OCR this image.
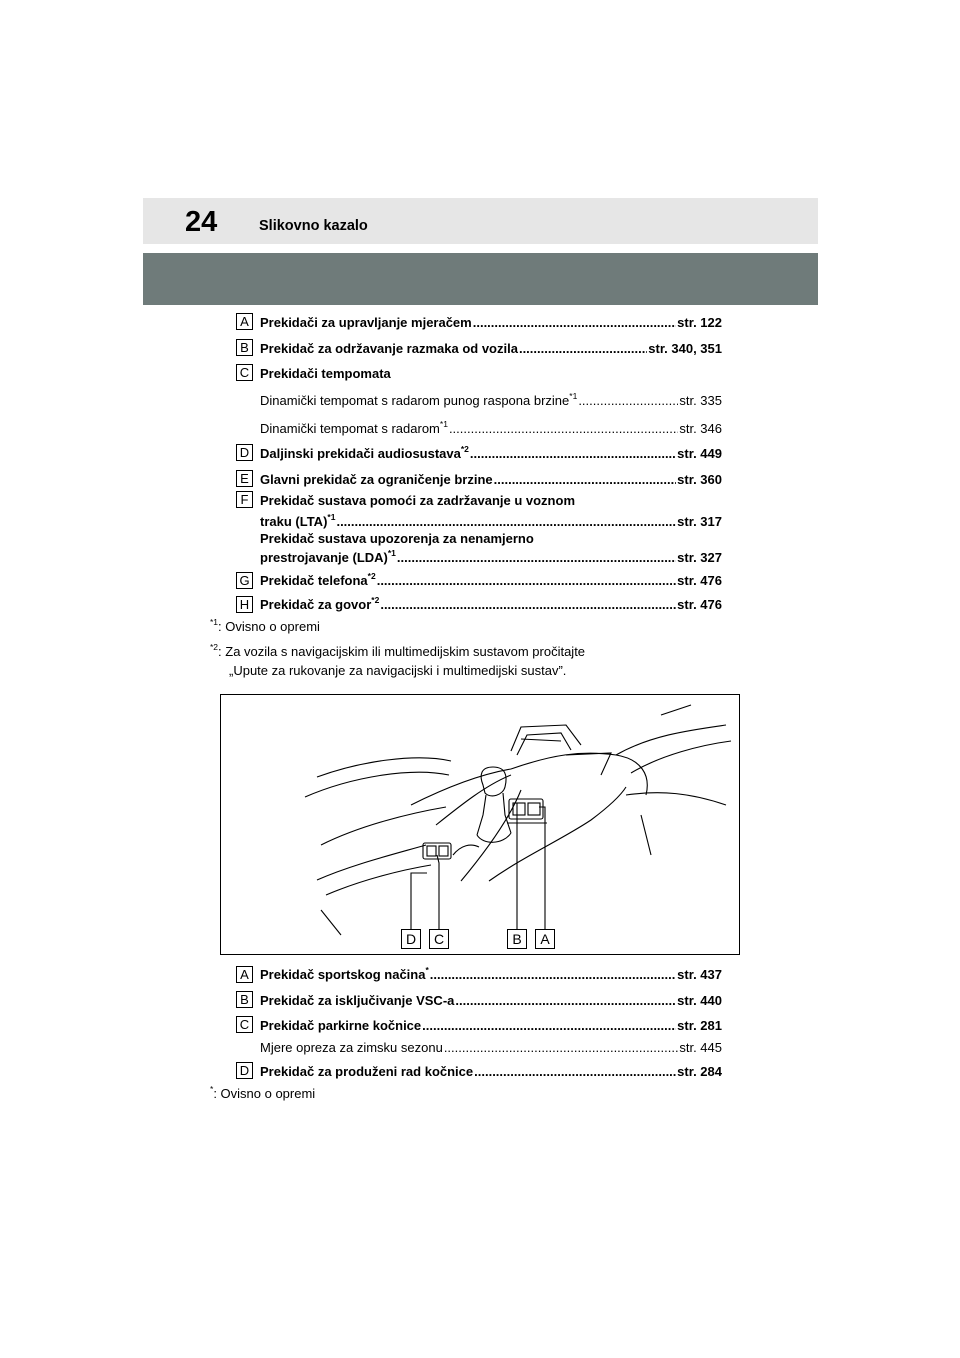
24	Slikovno kazalo
A Prekidači za upravljanje mjeračem .....	str. 122
B Prekidač za održavanje razmaka od vozila .....	str. 340, 351
C Prekidači tempomata
Dinamički tempomat s radarom punog raspona brzine$^{*1}$ .....	str. 335
Dinamički tempomat s radarom$^{*1}$ .....	str. 346
D Daljinski prekidači audiosustava$^{*2}$ .....	str. 449
E Glavni prekidač za ograničenje brzine .....	str. 360
F Prekidač sustava pomoći za zadržavanje u voznom
traku (LTA)$^{*1}$ .....	str. 317
Prekidač sustava upozorenja za nenamjerno
prestrojavanje (LDA)$^{*1}$ .....	str. 327
G Prekidač telefona$^{*2}$ .....	str. 476
H Prekidač za govor$^{*2}$ .....	str. 476
$^{*1}$: Ovisno o opremi
$^{*2}$: Za vozila s navigacijskim ili multimedijskim sustavom pročitajte
„Upute za rukovanje za navigacijski i multimedijski sustav”.
D	C	B	A
A Prekidač sportskog načina* .....	str. 437
B Prekidač za isključivanje VSC-a .....	str. 440
C Prekidač parkirne kočnice .....	str. 281
Mjere opreza za zimsku sezonu .....	str. 445
D Prekidač za produženi rad kočnice .....	str. 284
*: Ovisno o opremi
